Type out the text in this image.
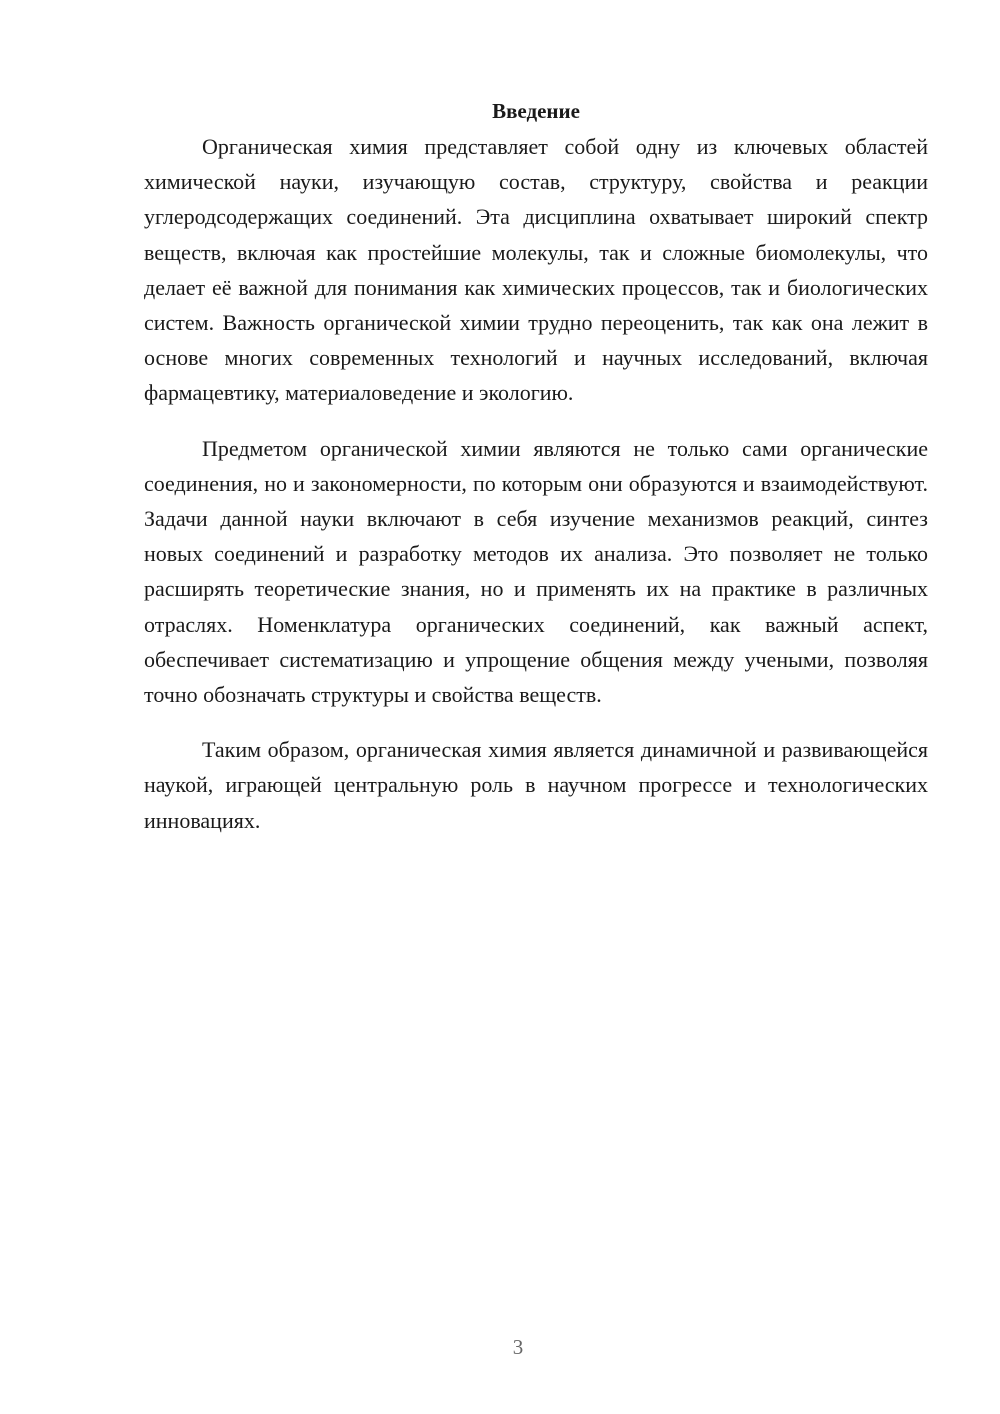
Введение

Органическая химия представляет собой одну из ключевых областей химической науки, изучающую состав, структуру, свойства и реакции углеродсодержащих соединений. Эта дисциплина охватывает широкий спектр веществ, включая как простейшие молекулы, так и сложные биомолекулы, что делает её важной для понимания как химических процессов, так и биологических систем. Важность органической химии трудно переоценить, так как она лежит в основе многих современных технологий и научных исследований, включая фармацевтику, материаловедение и экологию.

Предметом органической химии являются не только сами органические соединения, но и закономерности, по которым они образуются и взаимодействуют. Задачи данной науки включают в себя изучение механизмов реакций, синтез новых соединений и разработку методов их анализа. Это позволяет не только расширять теоретические знания, но и применять их на практике в различных отраслях. Номенклатура органических соединений, как важный аспект, обеспечивает систематизацию и упрощение общения между учеными, позволяя точно обозначать структуры и свойства веществ.

Таким образом, органическая химия является динамичной и развивающейся наукой, играющей центральную роль в научном прогрессе и технологических инновациях.

3
